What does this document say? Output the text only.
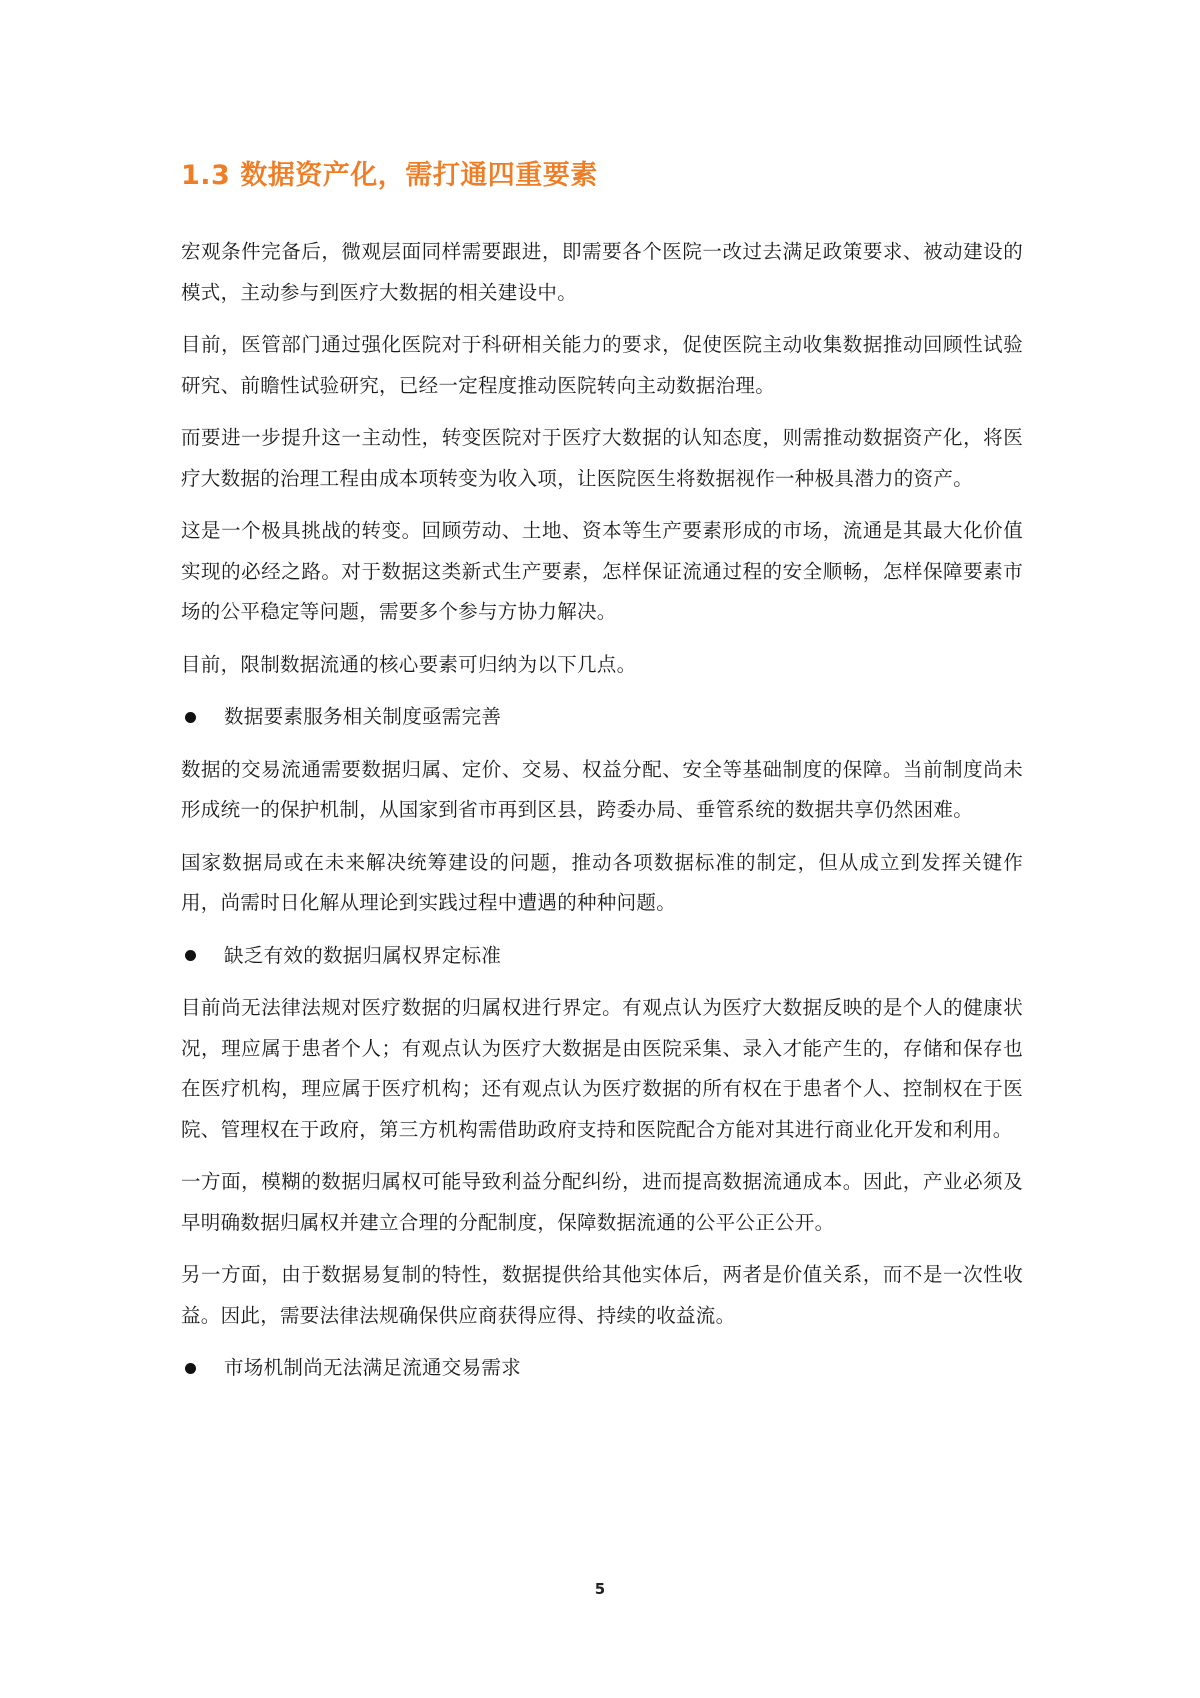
1.3 数据资产化，需打通四重要素

宏观条件完备后，微观层面同样需要跟进，即需要各个医院一改过去满足政策要求、被动建设的模式，主动参与到医疗大数据的相关建设中。

目前，医管部门通过强化医院对于科研相关能力的要求，促使医院主动收集数据推动回顾性试验研究、前瞻性试验研究，已经一定程度推动医院转向主动数据治理。

而要进一步提升这一主动性，转变医院对于医疗大数据的认知态度，则需推动数据资产化，将医疗大数据的治理工程由成本项转变为收入项，让医院医生将数据视作一种极具潜力的资产。

这是一个极具挑战的转变。回顾劳动、土地、资本等生产要素形成的市场，流通是其最大化价值实现的必经之路。对于数据这类新式生产要素，怎样保证流通过程的安全顺畅，怎样保障要素市场的公平稳定等问题，需要多个参与方协力解决。

目前，限制数据流通的核心要素可归纳为以下几点。

数据要素服务相关制度亟需完善

数据的交易流通需要数据归属、定价、交易、权益分配、安全等基础制度的保障。当前制度尚未形成统一的保护机制，从国家到省市再到区县，跨委办局、垂管系统的数据共享仍然困难。

国家数据局或在未来解决统筹建设的问题，推动各项数据标准的制定，但从成立到发挥关键作用，尚需时日化解从理论到实践过程中遭遇的种种问题。

缺乏有效的数据归属权界定标准

目前尚无法律法规对医疗数据的归属权进行界定。有观点认为医疗大数据反映的是个人的健康状况，理应属于患者个人；有观点认为医疗大数据是由医院采集、录入才能产生的，存储和保存也在医疗机构，理应属于医疗机构；还有观点认为医疗数据的所有权在于患者个人、控制权在于医院、管理权在于政府，第三方机构需借助政府支持和医院配合方能对其进行商业化开发和利用。

一方面，模糊的数据归属权可能导致利益分配纠纷，进而提高数据流通成本。因此，产业必须及早明确数据归属权并建立合理的分配制度，保障数据流通的公平公正公开。

另一方面，由于数据易复制的特性，数据提供给其他实体后，两者是价值关系，而不是一次性收益。因此，需要法律法规确保供应商获得应得、持续的收益流。

市场机制尚无法满足流通交易需求
5
